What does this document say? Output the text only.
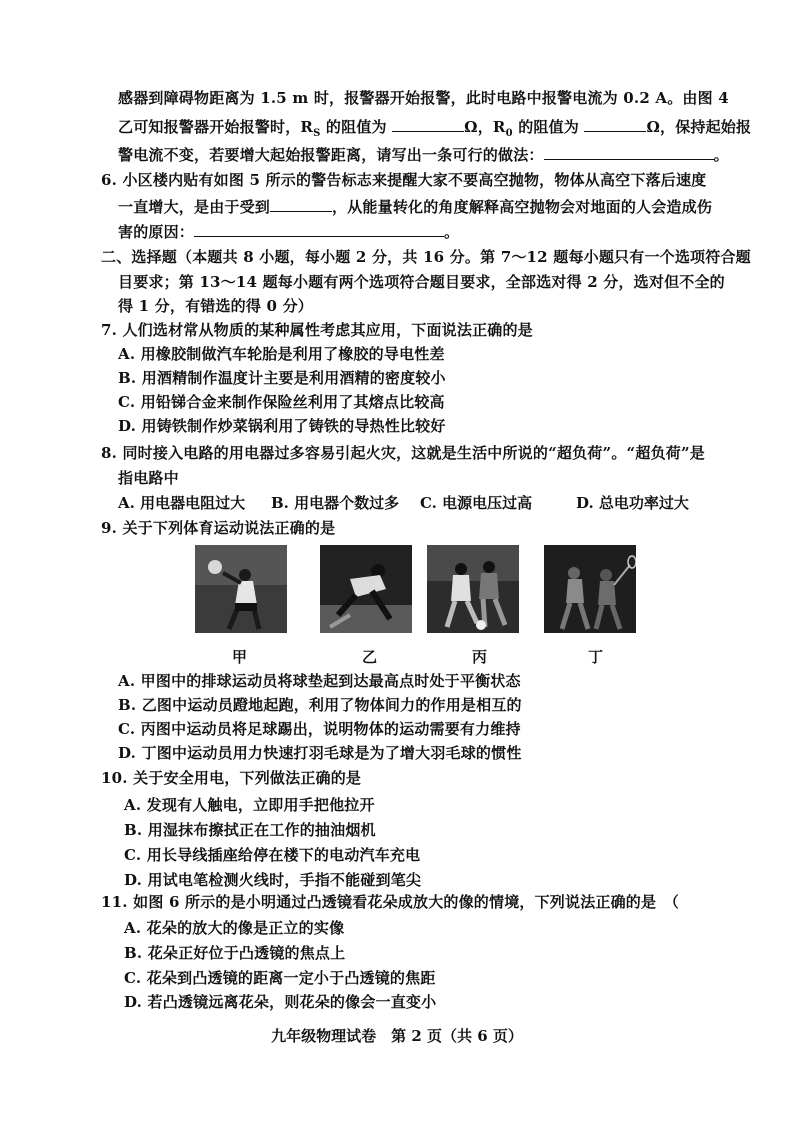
感器到障碍物距离为 1.5 m 时，报警器开始报警，此时电路中报警电流为 0.2 A。由图 4
乙可知报警器开始报警时，$R_S$ 的阻值为	Ω，$R_0$ 的阻值为	Ω，保持起始报
警电流不变，若要增大起始报警距离，请写出一条可行的做法：	。
6. 小区楼内贴有如图 5 所示的警告标志来提醒大家不要高空抛物，物体从高空下落后速度
一直增大，是由于受到	，从能量转化的角度解释高空抛物会对地面的人会造成伤
害的原因：	。
二、选择题（本题共 8 小题，每小题 2 分，共 16 分。第 7～12 题每小题只有一个选项符合题
目要求；第 13～14 题每小题有两个选项符合题目要求，全部选对得 2 分，选对但不全的
得 1 分，有错选的得 0 分）
7. 人们选材常从物质的某种属性考虑其应用，下面说法正确的是
A. 用橡胶制做汽车轮胎是利用了橡胶的导电性差
B. 用酒精制作温度计主要是利用酒精的密度较小
C. 用铅锑合金来制作保险丝利用了其熔点比较高
D. 用铸铁制作炒菜锅利用了铸铁的导热性比较好
8. 同时接入电路的用电器过多容易引起火灾，这就是生活中所说的“超负荷”。“超负荷”是
指电路中
A. 用电器电阻过大 B. 用电器个数过多 C. 电源电压过高	D. 总电功率过大
9. 关于下列体育运动说法正确的是
甲	乙	丙	丁
A. 甲图中的排球运动员将球垫起到达最高点时处于平衡状态
B. 乙图中运动员蹬地起跑，利用了物体间力的作用是相互的
C. 丙图中运动员将足球踢出，说明物体的运动需要有力维持
D. 丁图中运动员用力快速打羽毛球是为了增大羽毛球的惯性
10. 关于安全用电，下列做法正确的是
A. 发现有人触电，立即用手把他拉开
B. 用湿抹布擦拭正在工作的抽油烟机
C. 用长导线插座给停在楼下的电动汽车充电
D. 用试电笔检测火线时，手指不能碰到笔尖
11. 如图 6 所示的是小明通过凸透镜看花朵成放大的像的情境，下列说法正确的是　（
A. 花朵的放大的像是正立的实像
B. 花朵正好位于凸透镜的焦点上
C. 花朵到凸透镜的距离一定小于凸透镜的焦距
D. 若凸透镜远离花朵，则花朵的像会一直变小
九年级物理试卷　第 2 页（共 6 页）
